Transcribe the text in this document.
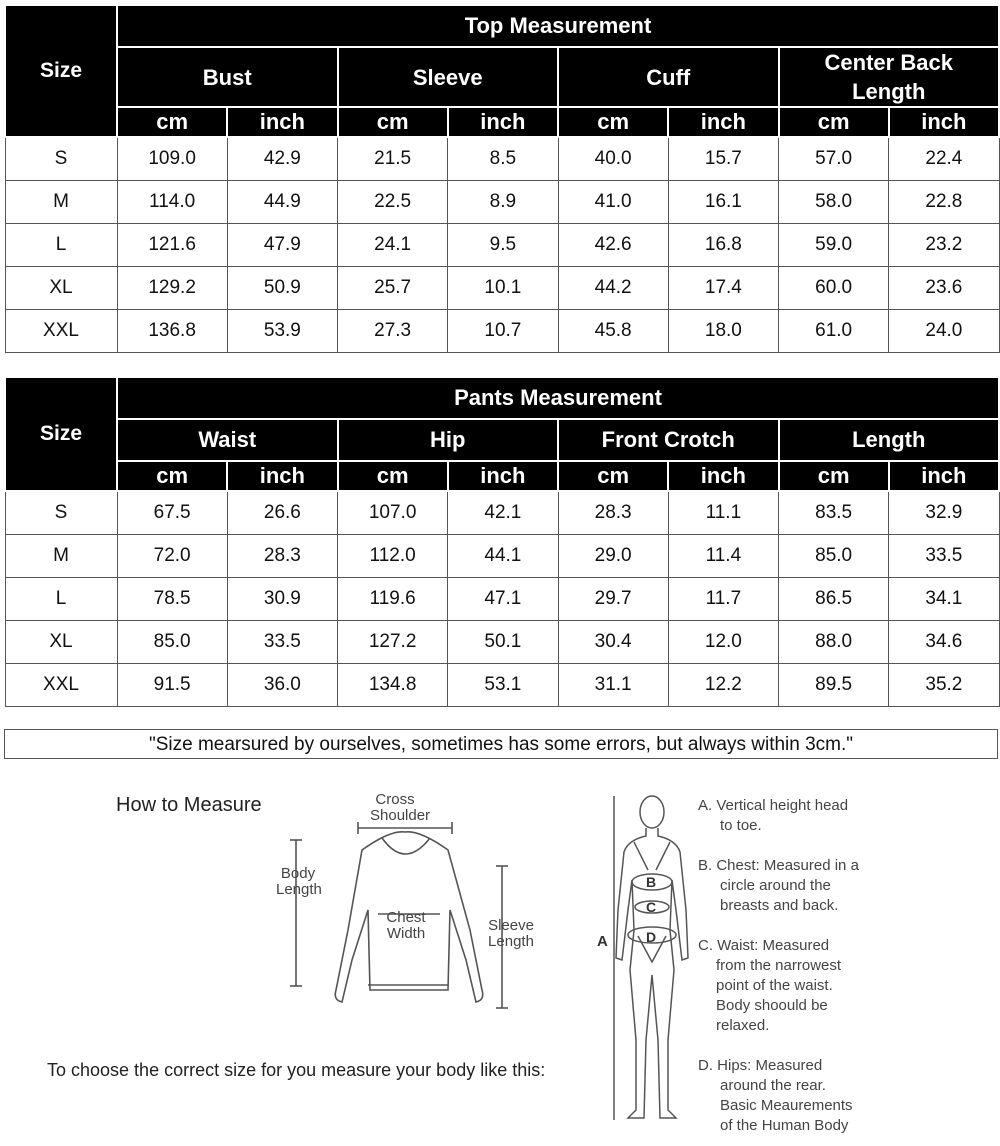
Size	Top Measurement							

	Bust		Sleeve		Cuff		Center Back
Length	

	cm	inch	cm	inch	cm	inch	cm	inch
S	109.0	42.9	21.5	8.5	40.0	15.7	57.0	22.4
M	114.0	44.9	22.5	8.9	41.0	16.1	58.0	22.8
L	121.6	47.9	24.1	9.5	42.6	16.8	59.0	23.2
XL	129.2	50.9	25.7	10.1	44.2	17.4	60.0	23.6
XXL	136.8	53.9	27.3	10.7	45.8	18.0	61.0	24.0
Size	Pants Measurement							
	Waist		Hip		Front Crotch		Length	
	cm	inch	cm	inch	cm	inch	cm	inch
S	67.5	26.6	107.0	42.1	28.3	11.1	83.5	32.9
M	72.0	28.3	112.0	44.1	29.0	11.4	85.0	33.5
L	78.5	30.9	119.6	47.1	29.7	11.7	86.5	34.1
XL	85.0	33.5	127.2	50.1	30.4	12.0	88.0	34.6
XXL	91.5	36.0	134.8	53.1	31.1	12.2	89.5	35.2
"Size mearsured by ourselves, sometimes has some errors, but always within 3cm."
How to Measure
To choose the correct size for you measure your body like this:
Cross
Shoulder
Body
Length
Chest
Width	Sleeve
Length
B
C
D
A
A. Vertical height head
to toe.
B. Chest: Measured in a
circle around the
breasts and back.
C. Waist: Measured
from the narrowest
point of the waist.
Body shoould be
relaxed.
D. Hips: Measured
around the rear.
Basic Meaurements
of the Human Body
